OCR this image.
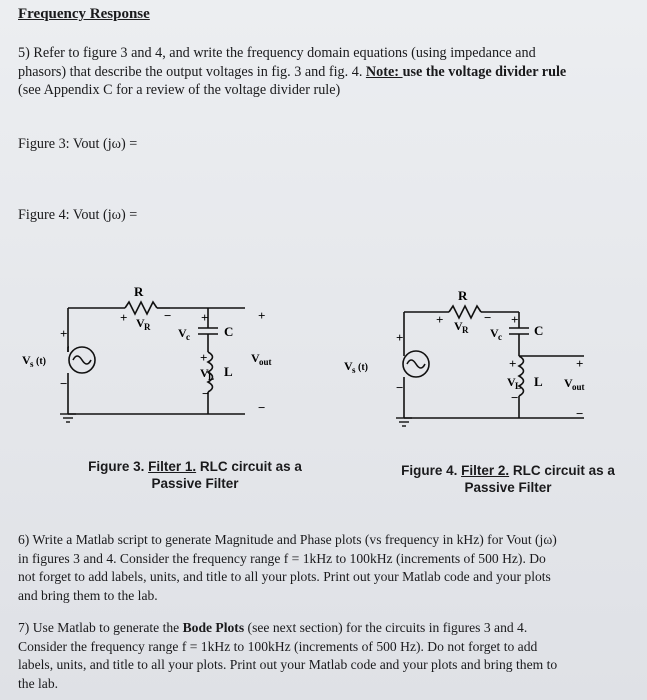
Frequency Response
5) Refer to figure 3 and 4, and write the frequency domain equations (using impedance and
phasors) that describe the output voltages in fig. 3 and fig. 4. Note: use the voltage divider rule
(see Appendix C for a review of the voltage divider rule)
Figure 3: Vout (jω) =
Figure 4: Vout (jω) =
R
+ V R
− +
V c	C
+
+
V s (t)
−
+
V L L
−
V out
−
R
+ V R
− +
V c C
+
V s (t)
−
+
V L L
−
+
V out
−
Figure 3. Filter 1. RLC circuit as a
Passive Filter
Figure 4. Filter 2. RLC circuit as a
Passive Filter
6) Write a Matlab script to generate Magnitude and Phase plots (vs frequency in kHz) for Vout (jω)
in figures 3 and 4. Consider the frequency range f = 1kHz to 100kHz (increments of 500 Hz). Do
not forget to add labels, units, and title to all your plots. Print out your Matlab code and your plots
and bring them to the lab.
7) Use Matlab to generate the Bode Plots (see next section) for the circuits in figures 3 and 4.
Consider the frequency range f = 1kHz to 100kHz (increments of 500 Hz). Do not forget to add
labels, units, and title to all your plots. Print out your Matlab code and your plots and bring them to
the lab.
